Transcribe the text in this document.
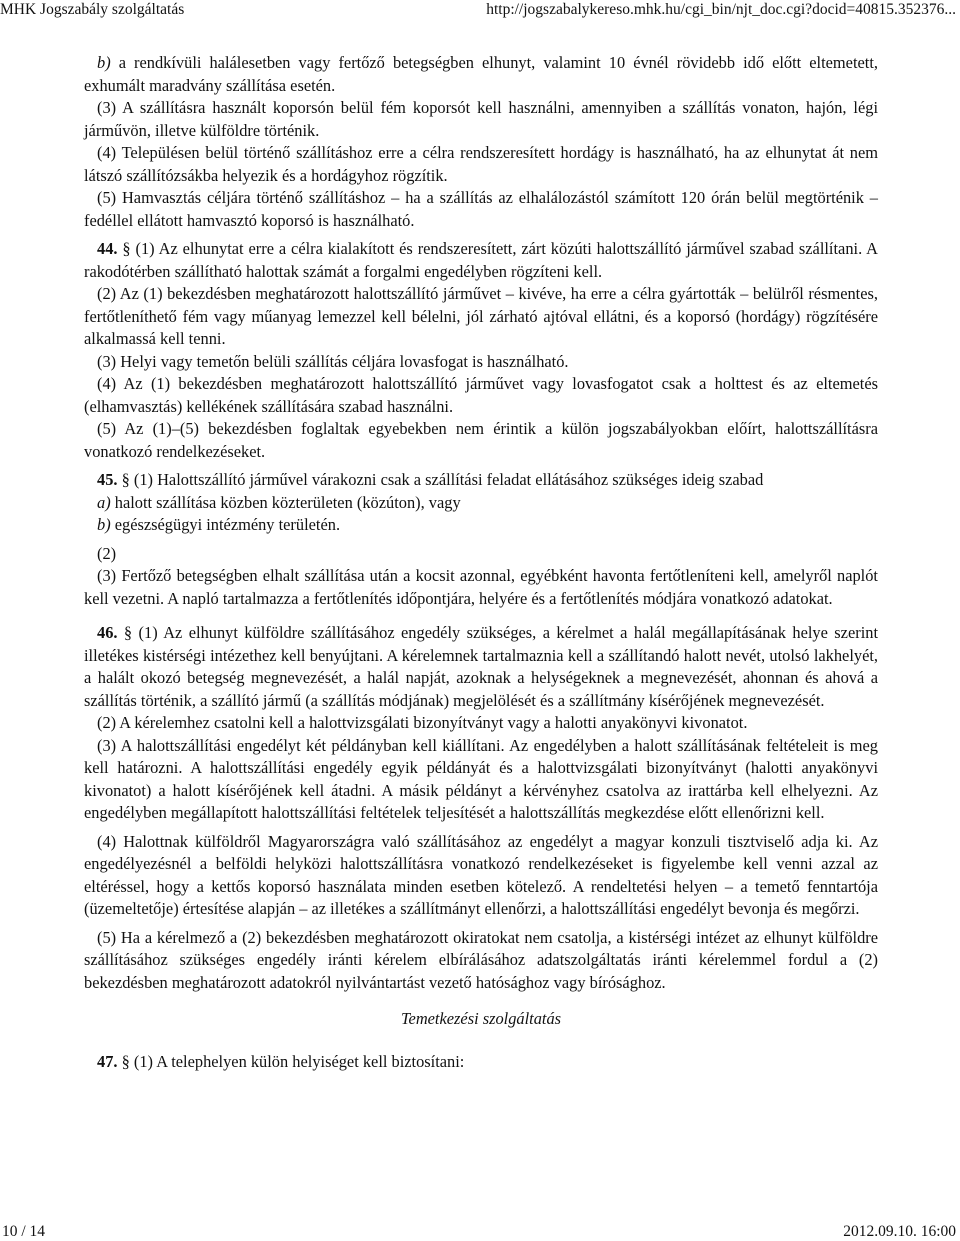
MHK Jogszabály szolgáltatás	http://jogszabalykereso.mhk.hu/cgi_bin/njt_doc.cgi?docid=40815.352376...

b) a rendkívüli halálesetben vagy fertőző betegségben elhunyt, valamint 10 évnél rövidebb idő előtt eltemetett, exhumált maradvány szállítása esetén.

(3) A szállításra használt koporsón belül fém koporsót kell használni, amennyiben a szállítás vonaton, hajón, légi járművön, illetve külföldre történik.

(4) Településen belül történő szállításhoz erre a célra rendszeresített hordágy is használható, ha az elhunytat át nem látszó szállítózsákba helyezik és a hordágyhoz rögzítik.

(5) Hamvasztás céljára történő szállításhoz – ha a szállítás az elhalálozástól számított 120 órán belül megtörténik – fedéllel ellátott hamvasztó koporsó is használható.

44. § (1) Az elhunytat erre a célra kialakított és rendszeresített, zárt közúti halottszállító járművel szabad szállítani. A rakodótérben szállítható halottak számát a forgalmi engedélyben rögzíteni kell.

(2) Az (1) bekezdésben meghatározott halottszállító járművet – kivéve, ha erre a célra gyártották – belülről résmentes, fertőtleníthető fém vagy műanyag lemezzel kell bélelni, jól zárható ajtóval ellátni, és a koporsó (hordágy) rögzítésére alkalmassá kell tenni.

(3) Helyi vagy temetőn belüli szállítás céljára lovasfogat is használható.

(4) Az (1) bekezdésben meghatározott halottszállító járművet vagy lovasfogatot csak a holttest és az eltemetés (elhamvasztás) kellékének szállítására szabad használni.

(5) Az (1)–(5) bekezdésben foglaltak egyebekben nem érintik a külön jogszabályokban előírt, halottszállításra vonatkozó rendelkezéseket.

45. § (1) Halottszállító járművel várakozni csak a szállítási feladat ellátásához szükséges ideig szabad

a) halott szállítása közben közterületen (közúton), vagy

b) egészségügyi intézmény területén.

(2)

(3) Fertőző betegségben elhalt szállítása után a kocsit azonnal, egyébként havonta fertőtleníteni kell, amelyről naplót kell vezetni. A napló tartalmazza a fertőtlenítés időpontjára, helyére és a fertőtlenítés módjára vonatkozó adatokat.

46. § (1) Az elhunyt külföldre szállításához engedély szükséges, a kérelmet a halál megállapításának helye szerint illetékes kistérségi intézethez kell benyújtani. A kérelemnek tartalmaznia kell a szállítandó halott nevét, utolsó lakhelyét, a halált okozó betegség megnevezését, a halál napját, azoknak a helységeknek a megnevezését, ahonnan és ahová a szállítás történik, a szállító jármű (a szállítás módjának) megjelölését és a szállítmány kísérőjének megnevezését.

(2) A kérelemhez csatolni kell a halottvizsgálati bizonyítványt vagy a halotti anyakönyvi kivonatot.

(3) A halottszállítási engedélyt két példányban kell kiállítani. Az engedélyben a halott szállításának feltételeit is meg kell határozni. A halottszállítási engedély egyik példányát és a halottvizsgálati bizonyítványt (halotti anyakönyvi kivonatot) a halott kísérőjének kell átadni. A másik példányt a kérvényhez csatolva az irattárba kell elhelyezni. Az engedélyben megállapított halottszállítási feltételek teljesítését a halottszállítás megkezdése előtt ellenőrizni kell.

(4) Halottnak külföldről Magyarországra való szállításához az engedélyt a magyar konzuli tisztviselő adja ki. Az engedélyezésnél a belföldi helyközi halottszállításra vonatkozó rendelkezéseket is figyelembe kell venni azzal az eltéréssel, hogy a kettős koporsó használata minden esetben kötelező. A rendeltetési helyen – a temető fenntartója (üzemeltetője) értesítése alapján – az illetékes a szállítmányt ellenőrzi, a halottszállítási engedélyt bevonja és megőrzi.

(5) Ha a kérelmező a (2) bekezdésben meghatározott okiratokat nem csatolja, a kistérségi intézet az elhunyt külföldre szállításához szükséges engedély iránti kérelem elbírálásához adatszolgáltatás iránti kérelemmel fordul a (2) bekezdésben meghatározott adatokról nyilvántartást vezető hatósághoz vagy bírósághoz.

Temetkezési szolgáltatás

47. § (1) A telephelyen külön helyiséget kell biztosítani:

10 / 14	2012.09.10. 16:00
